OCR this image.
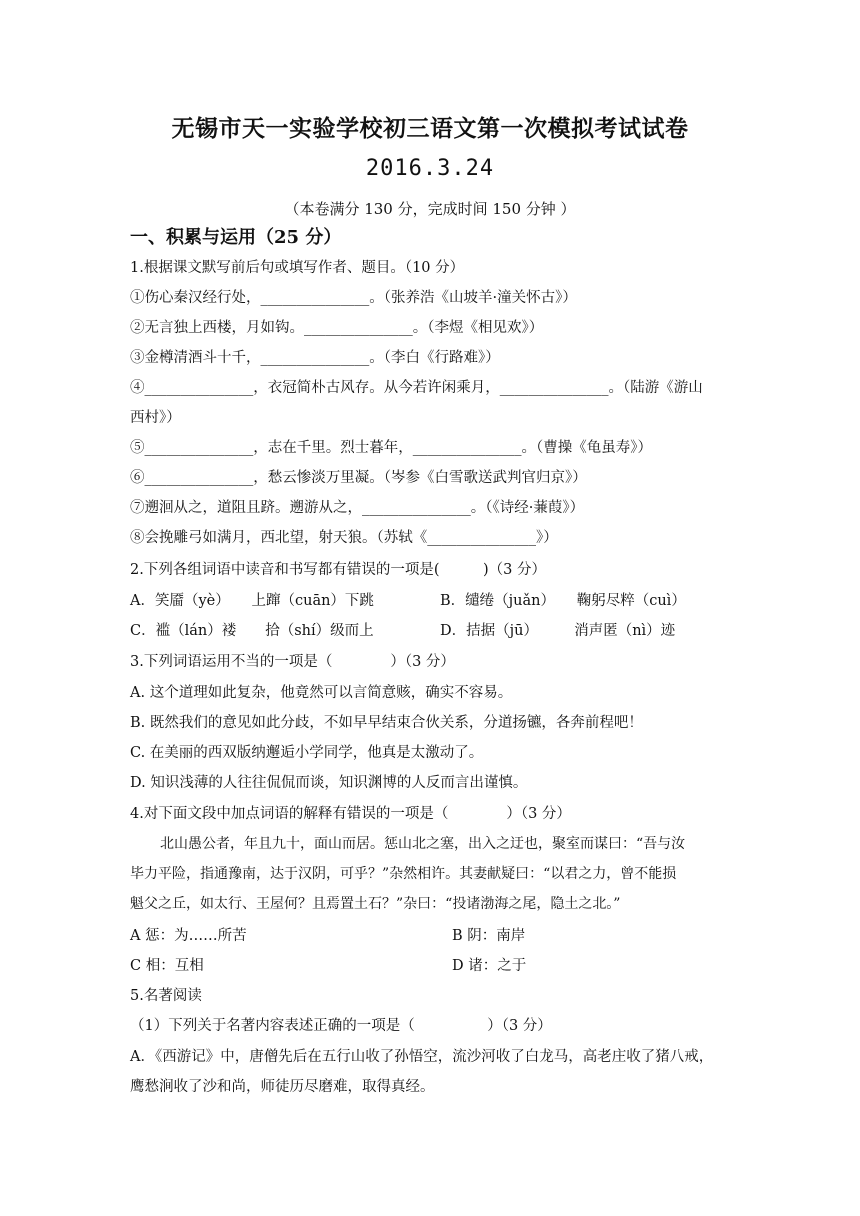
无锡市天一实验学校初三语文第一次模拟考试试卷
2016.3.24
（本卷满分 130 分，完成时间 150 分钟 ）
一、积累与运用（25 分）
1.根据课文默写前后句或填写作者、题目。（10 分）
①伤心秦汉经行处，_______________。（张养浩《山坡羊·潼关怀古》）
②无言独上西楼，月如钩。_______________。（李煜《相见欢》）
③金樽清酒斗十千，_______________。（李白《行路难》）
④_______________，衣冠简朴古风存。从今若许闲乘月，_______________。（陆游《游山
西村》）
⑤_______________，志在千里。烈士暮年，_______________。（曹操《龟虽寿》）
⑥_______________，愁云惨淡万里凝。（岑参《白雪歌送武判官归京》）
⑦遡洄从之，道阻且跻。遡游从之，_______________。（《诗经·蒹葭》）
⑧会挽雕弓如满月，西北望，射天狼。（苏轼《_______________》）
2.下列各组词语中读音和书写都有错误的一项是(　　　)（3 分）
A．笑靥（yè）　　上蹿（cuān）下跳	B．缱绻（juǎn）　　鞠躬尽粹（cuì）
C．褴（lán）褛　　拾（shí）级而上	D．拮据（jū）　　　消声匿（nì）迹
3.下列词语运用不当的一项是（　　　　）（3 分）
A. 这个道理如此复杂，他竟然可以言简意赅，确实不容易。
B. 既然我们的意见如此分歧，不如早早结束合伙关系，分道扬镳，各奔前程吧！
C. 在美丽的西双版纳邂逅小学同学，他真是太激动了。
D. 知识浅薄的人往往侃侃而谈，知识渊博的人反而言出谨慎。
4.对下面文段中加点词语的解释有错误的一项是（　　　　）（3 分）
北山愚公者，年且九十，面山而居。惩山北之塞，出入之迂也，聚室而谋曰：“吾与汝
毕力平险，指通豫南，达于汉阴，可乎？”杂然相许。其妻献疑曰：“以君之力，曾不能损
魁父之丘，如太行、王屋何？且焉置土石？”杂曰：“投诸渤海之尾，隐土之北。”
A 惩：为……所苦	B 阴：南岸
C 相：互相	D 诸：之于
5.名著阅读
（1）下列关于名著内容表述正确的一项是（　　　　　）（3 分）
A．《西游记》中，唐僧先后在五行山收了孙悟空，流沙河收了白龙马，高老庄收了猪八戒，
鹰愁涧收了沙和尚，师徒历尽磨难，取得真经。
